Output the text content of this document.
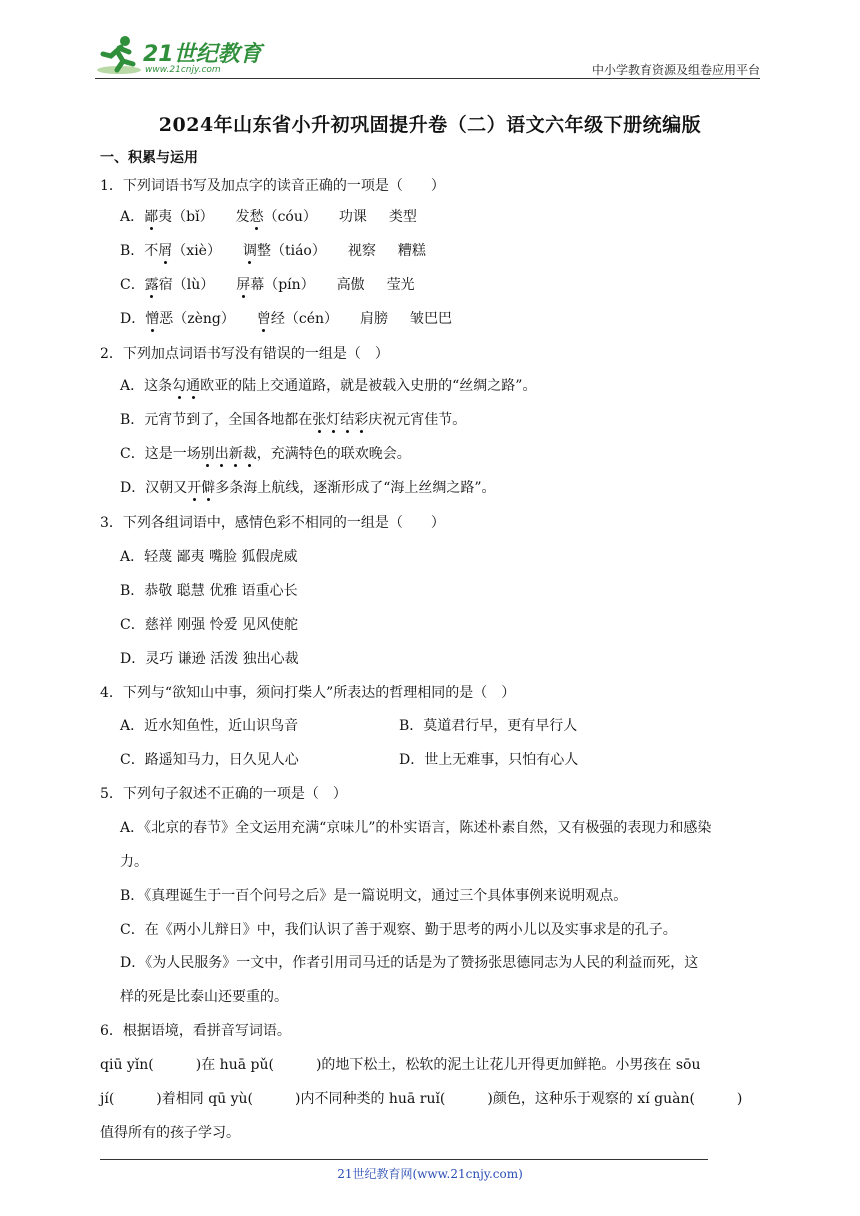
21世纪教育
www.21cnjy.com	中小学教育资源及组卷应用平台
2024年山东省小升初巩固提升卷（二）语文六年级下册统编版
一、积累与运用
1．下列词语书写及加点字的读音正确的一项是（　　）
A．鄙夷（bǐ） 发愁（cóu） 功课 类型
B．不屑（xiè） 调整（tiáo） 视察 糟糕
C．露宿（lù） 屏幕（pín） 高傲 莹光
D．憎恶（zèng） 曾经（cén） 肩膀 皱巴巴
2．下列加点词语书写没有错误的一组是（　）
A．这条勾通欧亚的陆上交通道路，就是被载入史册的“丝绸之路”。
B．元宵节到了，全国各地都在张灯结彩庆祝元宵佳节。
C．这是一场别出新裁，充满特色的联欢晚会。
D．汉朝又开僻多条海上航线，逐渐形成了“海上丝绸之路”。
3．下列各组词语中，感情色彩不相同的一组是（　　）
A．轻蔑 鄙夷 嘴脸 狐假虎威
B．恭敬 聪慧 优雅 语重心长
C．慈祥 刚强 怜爱 见风使舵
D．灵巧 谦逊 活泼 独出心裁
4．下列与“欲知山中事，须问打柴人”所表达的哲理相同的是（　）
A．近水知鱼性，近山识鸟音	B．莫道君行早，更有早行人
C．路遥知马力，日久见人心	D．世上无难事，只怕有心人
5．下列句子叙述不正确的一项是（　）
A．《北京的春节》全文运用充满“京味儿”的朴实语言，陈述朴素自然，又有极强的表现力和感染
力。
B．《真理诞生于一百个问号之后》是一篇说明文，通过三个具体事例来说明观点。
C．在《两小儿辩日》中，我们认识了善于观察、勤于思考的两小儿以及实事求是的孔子。
D．《为人民服务》一文中，作者引用司马迁的话是为了赞扬张思德同志为人民的利益而死，这
样的死是比泰山还要重的。
6．根据语境，看拼音写词语。
qiū yǐn(　　　)在 huā pǔ(　　　)的地下松土，松软的泥土让花儿开得更加鲜艳。小男孩在 sōu
jí(　　　)着相同 qū yù(　　　)内不同种类的 huā ruǐ(　　　)颜色，这种乐于观察的 xí guàn(　　　)
值得所有的孩子学习。
21世纪教育网(www.21cnjy.com)
